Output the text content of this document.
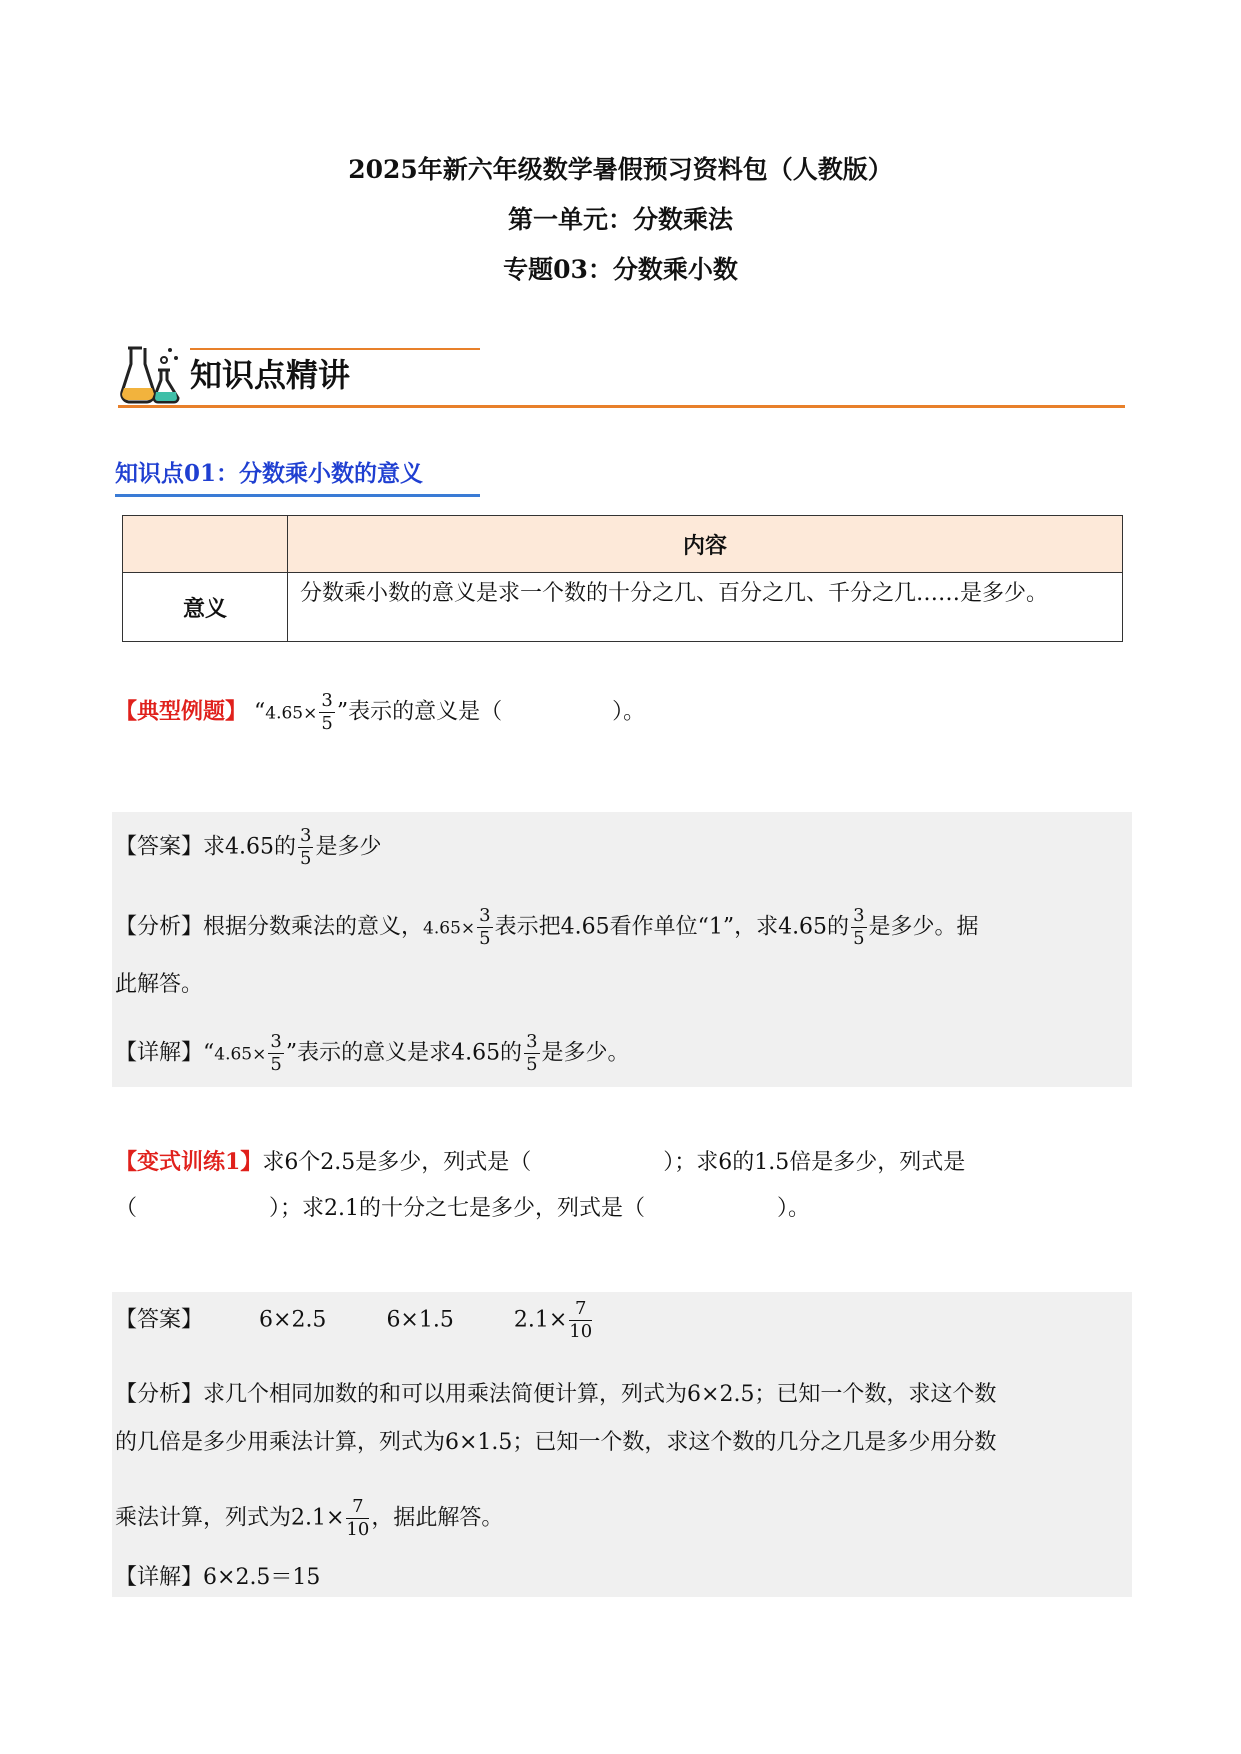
2025年新六年级数学暑假预习资料包（人教版）
第一单元：分数乘法
专题03：分数乘小数
知识点精讲
知识点01：分数乘小数的意义
	内容
意义	分数乘小数的意义是求一个数的十分之几、百分之几、千分之几……是多少。
【典型例题】 “$4.65\times \frac{3}{5}$ ”表示的意义是（　　　　　）。
【答案】求4.65的 $\frac{3}{5}$ 是多少
【分析】根据分数乘法的意义，$4.65\times \frac{3}{5}$ 表示把4.65看作单位“1”，求4.65的 $\frac{3}{5}$ 是多少。据
此解答。
【详解】“$4.65\times \frac{3}{5}$ ”表示的意义是求4.65的 $\frac{3}{5}$ 是多少。
【变式训练1】求6个2.5是多少，列式是（　　　　　　）；求6的1.5倍是多少，列式是
（　　　　　　）；求2.1的十分之七是多少，列式是（　　　　　　）。
【答案】	6×2.5	6×1.5	$2.1\times \frac{7}{10}$
【分析】求几个相同加数的和可以用乘法简便计算，列式为6×2.5；已知一个数，求这个数
的几倍是多少用乘法计算，列式为6×1.5；已知一个数，求这个数的几分之几是多少用分数
乘法计算，列式为$2.1\times \frac{7}{10}$ ，据此解答。
【详解】6×2.5＝15
